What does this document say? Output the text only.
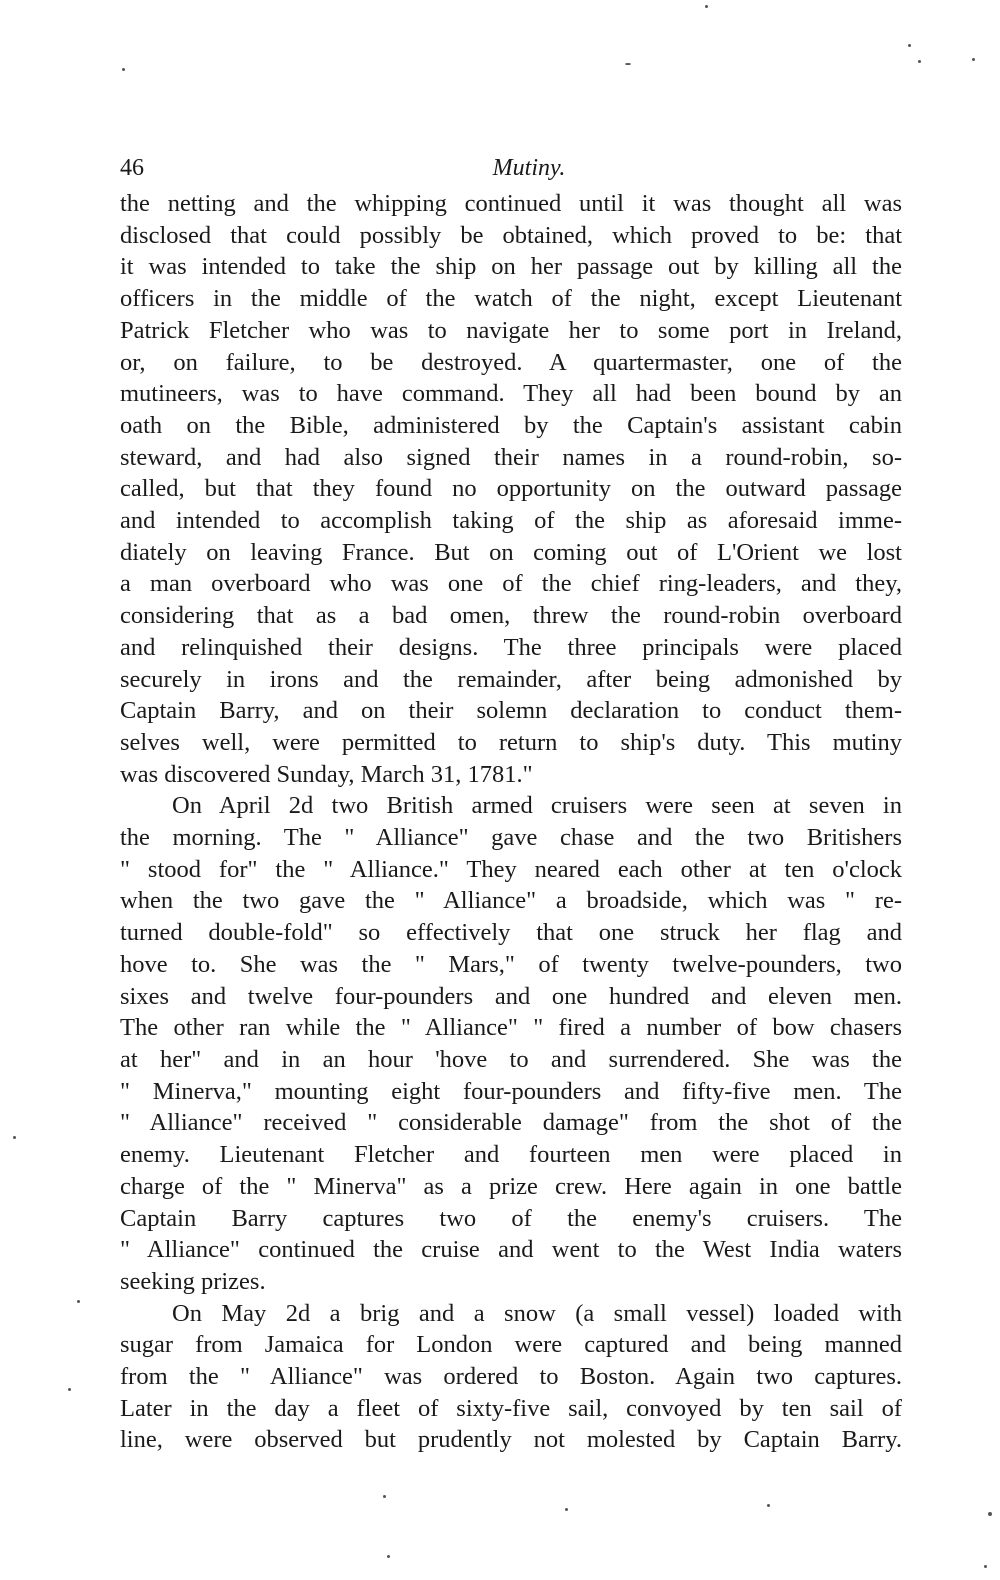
46	Mutiny.
the netting and the whipping continued until it was thought all was
disclosed that could possibly be obtained, which proved to be: that
it was intended to take the ship on her passage out by killing all the
officers in the middle of the watch of the night, except Lieutenant
Patrick Fletcher who was to navigate her to some port in Ireland,
or, on failure, to be destroyed. A quartermaster, one of the
mutineers, was to have command. They all had been bound by an
oath on the Bible, administered by the Captain's assistant cabin
steward, and had also signed their names in a round-robin, so-
called, but that they found no opportunity on the outward passage
and intended to accomplish taking of the ship as aforesaid imme-
diately on leaving France. But on coming out of L'Orient we lost
a man overboard who was one of the chief ring-leaders, and they,
considering that as a bad omen, threw the round-robin overboard
and relinquished their designs. The three principals were placed
securely in irons and the remainder, after being admonished by
Captain Barry, and on their solemn declaration to conduct them-
selves well, were permitted to return to ship's duty. This mutiny
was discovered Sunday, March 31, 1781."
On April 2d two British armed cruisers were seen at seven in
the morning. The " Alliance" gave chase and the two Britishers
" stood for" the " Alliance." They neared each other at ten o'clock
when the two gave the " Alliance" a broadside, which was " re-
turned double-fold" so effectively that one struck her flag and
hove to. She was the " Mars," of twenty twelve-pounders, two
sixes and twelve four-pounders and one hundred and eleven men.
The other ran while the " Alliance" " fired a number of bow chasers
at her" and in an hour 'hove to and surrendered. She was the
" Minerva," mounting eight four-pounders and fifty-five men. The
" Alliance" received " considerable damage" from the shot of the
enemy. Lieutenant Fletcher and fourteen men were placed in
charge of the " Minerva" as a prize crew. Here again in one battle
Captain Barry captures two of the enemy's cruisers. The
" Alliance" continued the cruise and went to the West India waters
seeking prizes.
On May 2d a brig and a snow (a small vessel) loaded with
sugar from Jamaica for London were captured and being manned
from the " Alliance" was ordered to Boston. Again two captures.
Later in the day a fleet of sixty-five sail, convoyed by ten sail of
line, were observed but prudently not molested by Captain Barry.
